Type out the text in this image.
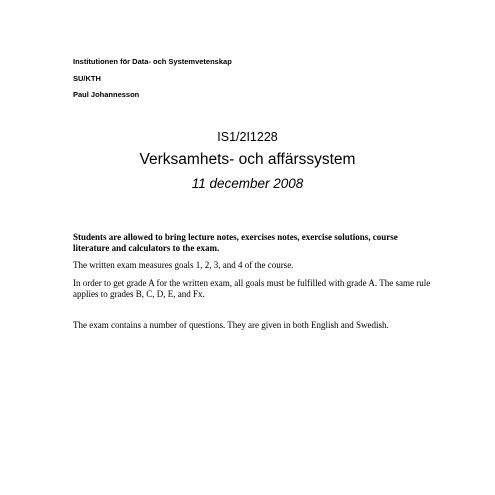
Institutionen för Data- och Systemvetenskap
SU/KTH
Paul Johannesson
IS1/2I1228
Verksamhets- och affärssystem
11 december 2008
Students are allowed to bring lecture notes, exercises notes, exercise solutions, course literature and calculators to the exam.
The written exam measures goals 1, 2, 3, and 4 of the course.
In order to get grade A for the written exam, all goals must be fulfilled with grade A. The same rule applies to grades B, C, D, E, and Fx.
The exam contains a number of questions. They are given in both English and Swedish.
